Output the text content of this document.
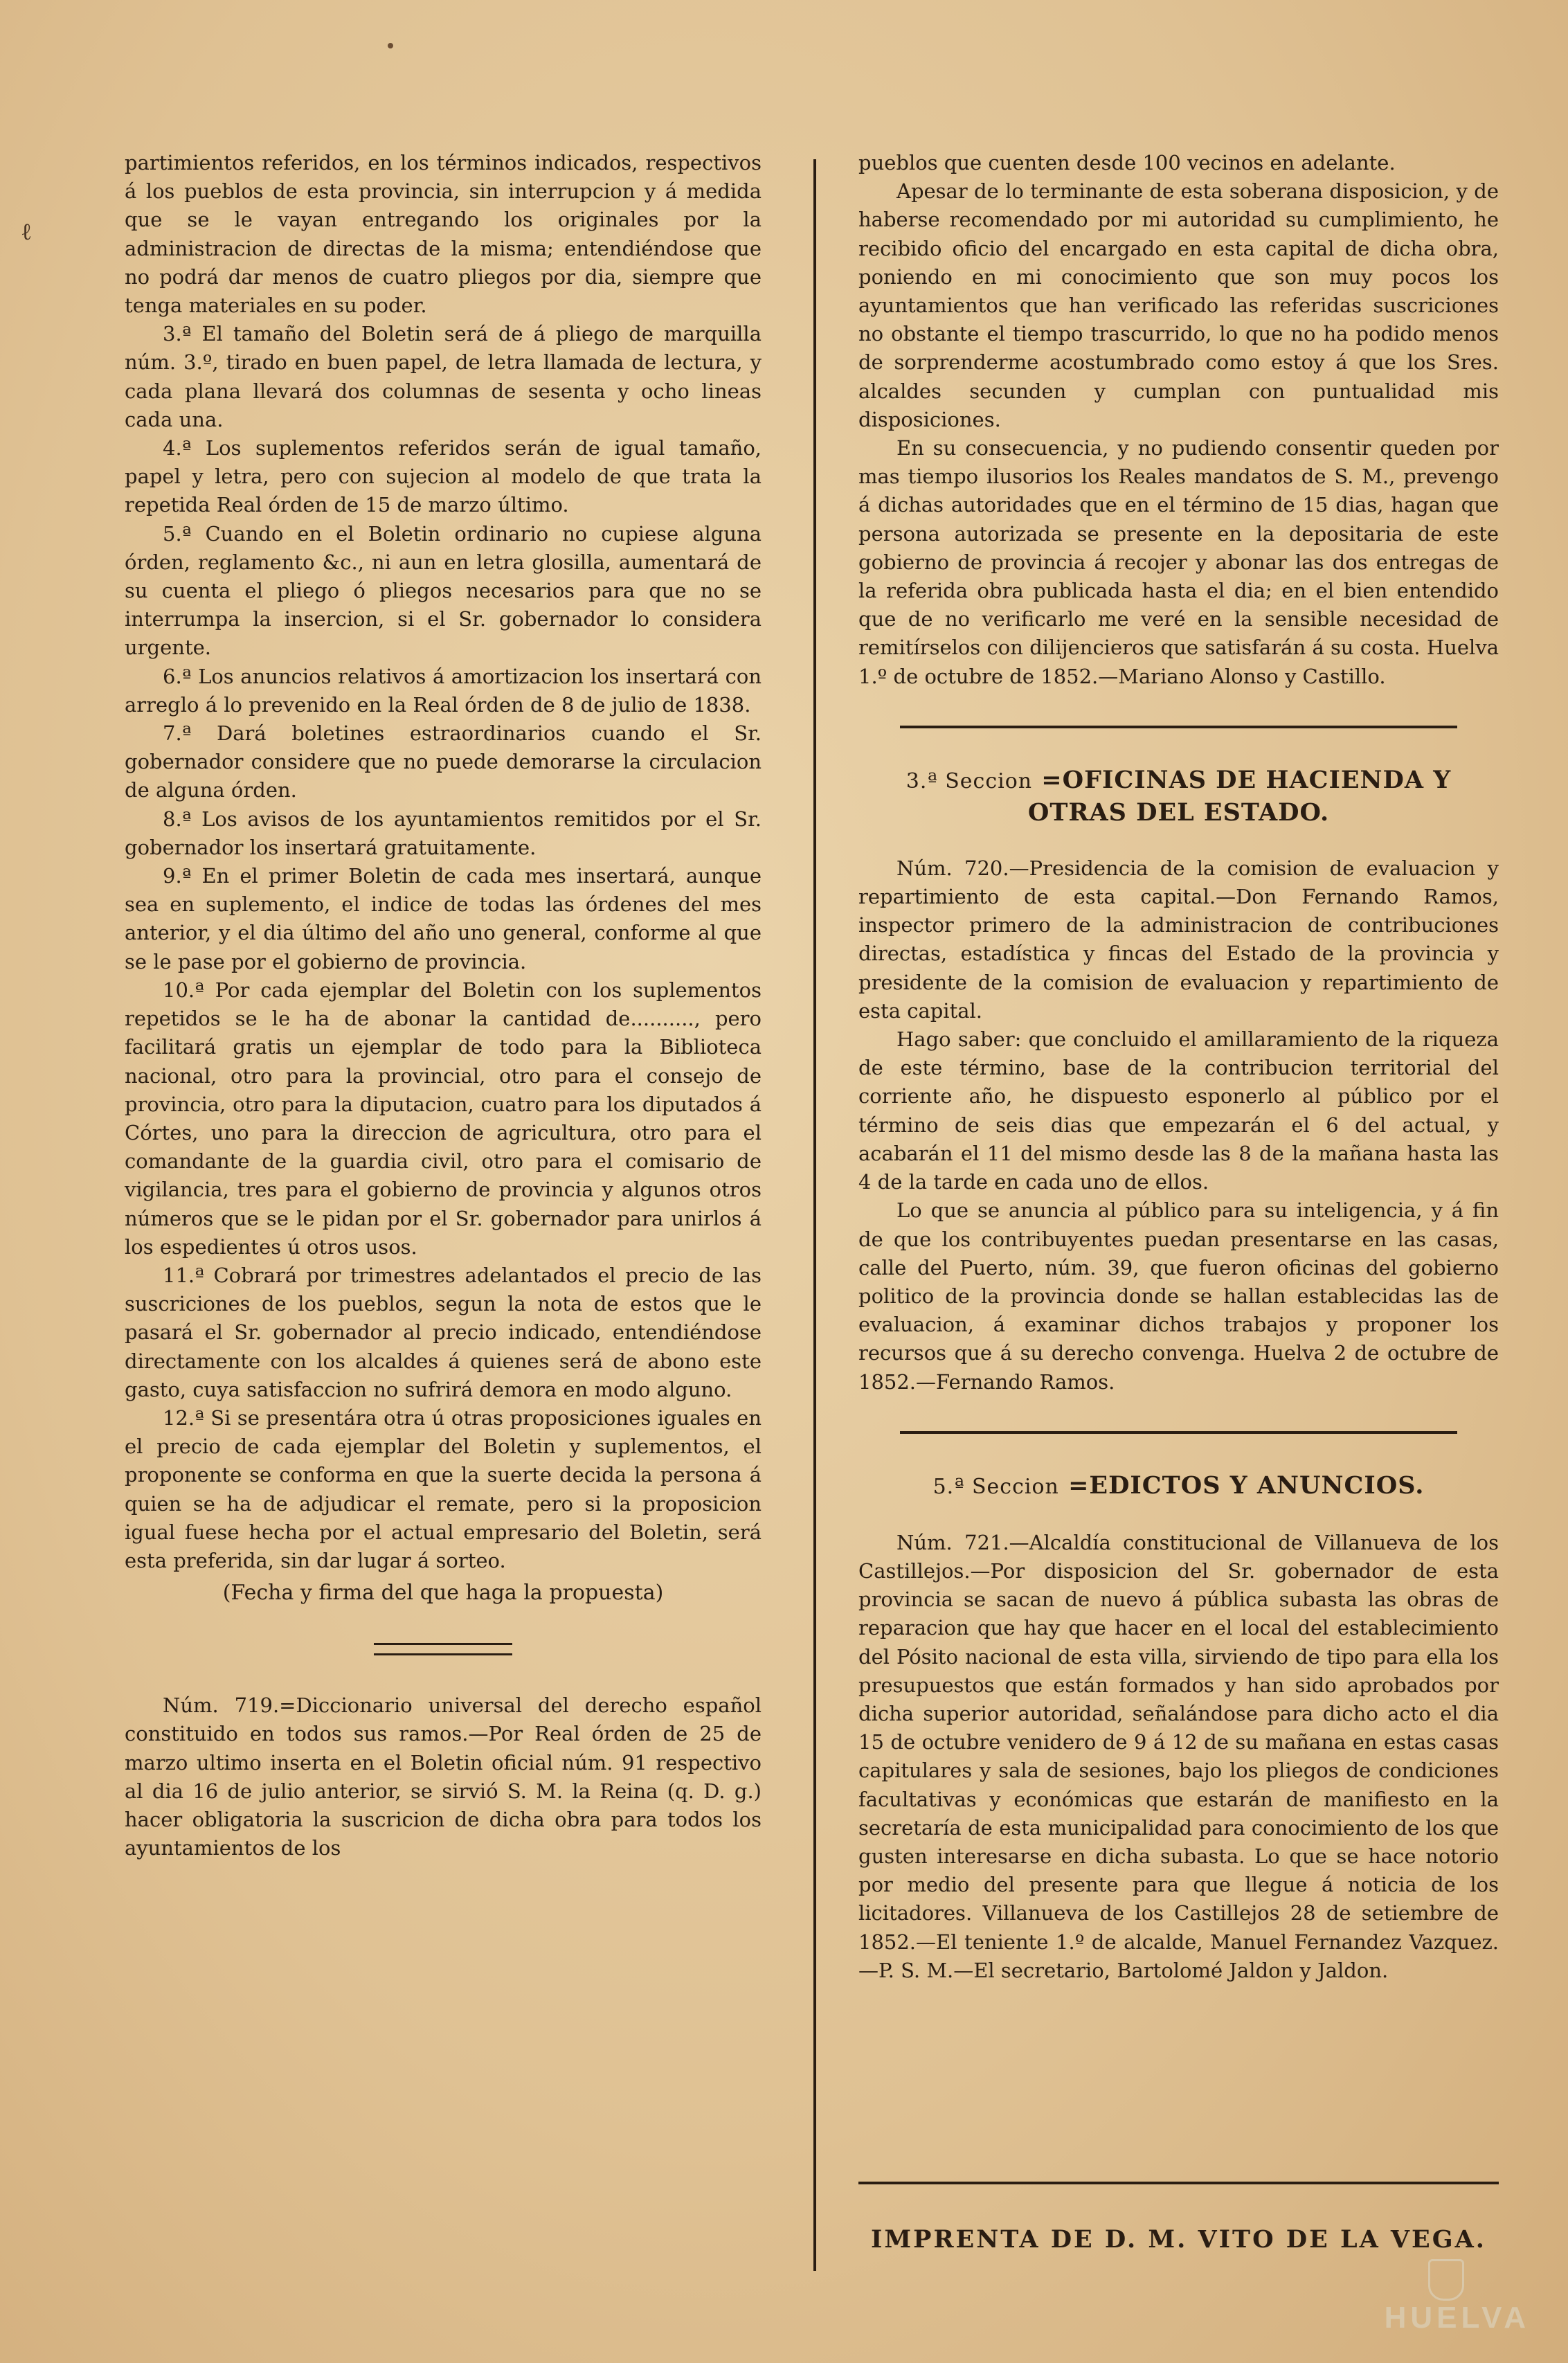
ℓ

partimientos referidos, en los términos indicados, respectivos á los pueblos de esta provincia, sin interrupcion y á medida que se le vayan entregando los originales por la administracion de directas de la misma; entendiéndose que no podrá dar menos de cuatro pliegos por dia, siempre que tenga materiales en su poder.

3.ª El tamaño del Boletin será de á pliego de marquilla núm. 3.º, tirado en buen papel, de letra llamada de lectura, y cada plana llevará dos columnas de sesenta y ocho lineas cada una.

4.ª Los suplementos referidos serán de igual tamaño, papel y letra, pero con sujecion al modelo de que trata la repetida Real órden de 15 de marzo último.

5.ª Cuando en el Boletin ordinario no cupiese alguna órden, reglamento &c., ni aun en letra glosilla, aumentará de su cuenta el pliego ó pliegos necesarios para que no se interrumpa la insercion, si el Sr. gobernador lo considera urgente.

6.ª Los anuncios relativos á amortizacion los insertará con arreglo á lo prevenido en la Real órden de 8 de julio de 1838.

7.ª Dará boletines estraordinarios cuando el Sr. gobernador considere que no puede demorarse la circulacion de alguna órden.

8.ª Los avisos de los ayuntamientos remitidos por el Sr. gobernador los insertará gratuitamente.

9.ª En el primer Boletin de cada mes insertará, aunque sea en suplemento, el indice de todas las órdenes del mes anterior, y el dia último del año uno general, conforme al que se le pase por el gobierno de provincia.

10.ª Por cada ejemplar del Boletin con los suplementos repetidos se le ha de abonar la cantidad de.........., pero facilitará gratis un ejemplar de todo para la Biblioteca nacional, otro para la provincial, otro para el consejo de provincia, otro para la diputacion, cuatro para los diputados á Córtes, uno para la direccion de agricultura, otro para el comandante de la guardia civil, otro para el comisario de vigilancia, tres para el gobierno de provincia y algunos otros números que se le pidan por el Sr. gobernador para unirlos á los espedientes ú otros usos.

11.ª Cobrará por trimestres adelantados el precio de las suscriciones de los pueblos, segun la nota de estos que le pasará el Sr. gobernador al precio indicado, entendiéndose directamente con los alcaldes á quienes será de abono este gasto, cuya satisfaccion no sufrirá demora en modo alguno.

12.ª Si se presentára otra ú otras proposiciones iguales en el precio de cada ejemplar del Boletin y suplementos, el proponente se conforma en que la suerte decida la persona á quien se ha de adjudicar el remate, pero si la proposicion igual fuese hecha por el actual empresario del Boletin, será esta preferida, sin dar lugar á sorteo.

(Fecha y firma del que haga la propuesta)

Núm. 719.=Diccionario universal del derecho español constituido en todos sus ramos.—Por Real órden de 25 de marzo ultimo inserta en el Boletin oficial núm. 91 respectivo al dia 16 de julio anterior, se sirvió S. M. la Reina (q. D. g.) hacer obligatoria la suscricion de dicha obra para todos los ayuntamientos de los

pueblos que cuenten desde 100 vecinos en adelante.

Apesar de lo terminante de esta soberana disposicion, y de haberse recomendado por mi autoridad su cumplimiento, he recibido oficio del encargado en esta capital de dicha obra, poniendo en mi conocimiento que son muy pocos los ayuntamientos que han verificado las referidas suscriciones no obstante el tiempo trascurrido, lo que no ha podido menos de sorprenderme acostumbrado como estoy á que los Sres. alcaldes secunden y cumplan con puntualidad mis disposiciones.

En su consecuencia, y no pudiendo consentir queden por mas tiempo ilusorios los Reales mandatos de S. M., prevengo á dichas autoridades que en el término de 15 dias, hagan que persona autorizada se presente en la depositaria de este gobierno de provincia á recojer y abonar las dos entregas de la referida obra publicada hasta el dia; en el bien entendido que de no verificarlo me veré en la sensible necesidad de remitírselos con dilijencieros que satisfarán á su costa. Huelva 1.º de octubre de 1852.—Mariano Alonso y Castillo.

3.ª Seccion =OFICINAS DE HACIENDA Y OTRAS DEL ESTADO.

Núm. 720.—Presidencia de la comision de evaluacion y repartimiento de esta capital.—Don Fernando Ramos, inspector primero de la administracion de contribuciones directas, estadística y fincas del Estado de la provincia y presidente de la comision de evaluacion y repartimiento de esta capital.

Hago saber: que concluido el amillaramiento de la riqueza de este término, base de la contribucion territorial del corriente año, he dispuesto esponerlo al público por el término de seis dias que empezarán el 6 del actual, y acabarán el 11 del mismo desde las 8 de la mañana hasta las 4 de la tarde en cada uno de ellos.

Lo que se anuncia al público para su inteligencia, y á fin de que los contribuyentes puedan presentarse en las casas, calle del Puerto, núm. 39, que fueron oficinas del gobierno politico de la provincia donde se hallan establecidas las de evaluacion, á examinar dichos trabajos y proponer los recursos que á su derecho convenga. Huelva 2 de octubre de 1852.—Fernando Ramos.

5.ª Seccion =EDICTOS Y ANUNCIOS.

Núm. 721.—Alcaldía constitucional de Villanueva de los Castillejos.—Por disposicion del Sr. gobernador de esta provincia se sacan de nuevo á pública subasta las obras de reparacion que hay que hacer en el local del establecimiento del Pósito nacional de esta villa, sirviendo de tipo para ella los presupuestos que están formados y han sido aprobados por dicha superior autoridad, señalándose para dicho acto el dia 15 de octubre venidero de 9 á 12 de su mañana en estas casas capitulares y sala de sesiones, bajo los pliegos de condiciones facultativas y económicas que estarán de manifiesto en la secretaría de esta municipalidad para conocimiento de los que gusten interesarse en dicha subasta. Lo que se hace notorio por medio del presente para que llegue á noticia de los licitadores. Villanueva de los Castillejos 28 de setiembre de 1852.—El teniente 1.º de alcalde, Manuel Fernandez Vazquez.—P. S. M.—El secretario, Bartolomé Jaldon y Jaldon.

IMPRENTA DE D. M. VITO DE LA VEGA.
HUELVA
